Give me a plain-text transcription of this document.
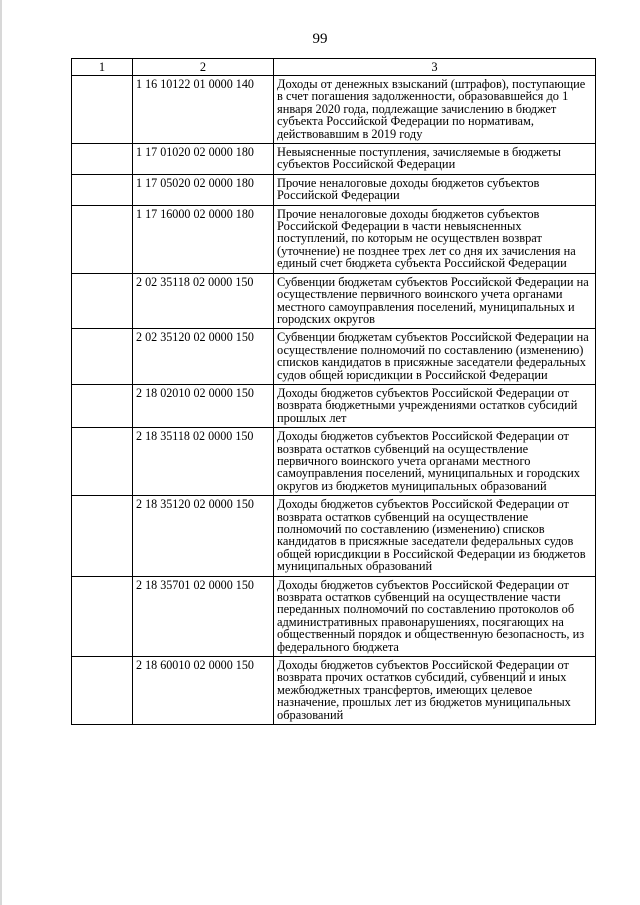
99
1	2	3
	1 16 10122 01 0000 140	Доходы от денежных взысканий (штрафов), поступающие в счет погашения задолженности, образовавшейся до 1 января 2020 года, подлежащие зачислению в бюджет субъекта Российской Федерации по нормативам, действовавшим в 2019 году
	1 17 01020 02 0000 180	Невыясненные поступления, зачисляемые в бюджеты субъектов Российской Федерации
	1 17 05020 02 0000 180	Прочие неналоговые доходы бюджетов субъектов Российской Федерации
	1 17 16000 02 0000 180	Прочие неналоговые доходы бюджетов субъектов Российской Федерации в части невыясненных поступлений, по которым не осуществлен возврат (уточнение) не позднее трех лет со дня их зачисления на единый счет бюджета субъекта Российской Федерации
	2 02 35118 02 0000 150	Субвенции бюджетам субъектов Российской Федерации на осуществление первичного воинского учета органами местного самоуправления поселений, муниципальных и городских округов
	2 02 35120 02 0000 150	Субвенции бюджетам субъектов Российской Федерации на осуществление полномочий по составлению (изменению) списков кандидатов в присяжные заседатели федеральных судов общей юрисдикции в Российской Федерации
	2 18 02010 02 0000 150	Доходы бюджетов субъектов Российской Федерации от возврата бюджетными учреждениями остатков субсидий прошлых лет
	2 18 35118 02 0000 150	Доходы бюджетов субъектов Российской Федерации от возврата остатков субвенций на осуществление первичного воинского учета органами местного самоуправления поселений, муниципальных и городских округов из бюджетов муниципальных образований
	2 18 35120 02 0000 150	Доходы бюджетов субъектов Российской Федерации от возврата остатков субвенций на осуществление полномочий по составлению (изменению) списков кандидатов в присяжные заседатели федеральных судов общей юрисдикции в Российской Федерации из бюджетов муниципальных образований
	2 18 35701 02 0000 150	Доходы бюджетов субъектов Российской Федерации от возврата остатков субвенций на осуществление части переданных полномочий по составлению протоколов об административных правонарушениях, посягающих на общественный порядок и общественную безопасность, из федерального бюджета
	2 18 60010 02 0000 150	Доходы бюджетов субъектов Российской Федерации от возврата прочих остатков субсидий, субвенций и иных межбюджетных трансфертов, имеющих целевое назначение, прошлых лет из бюджетов муниципальных образований
